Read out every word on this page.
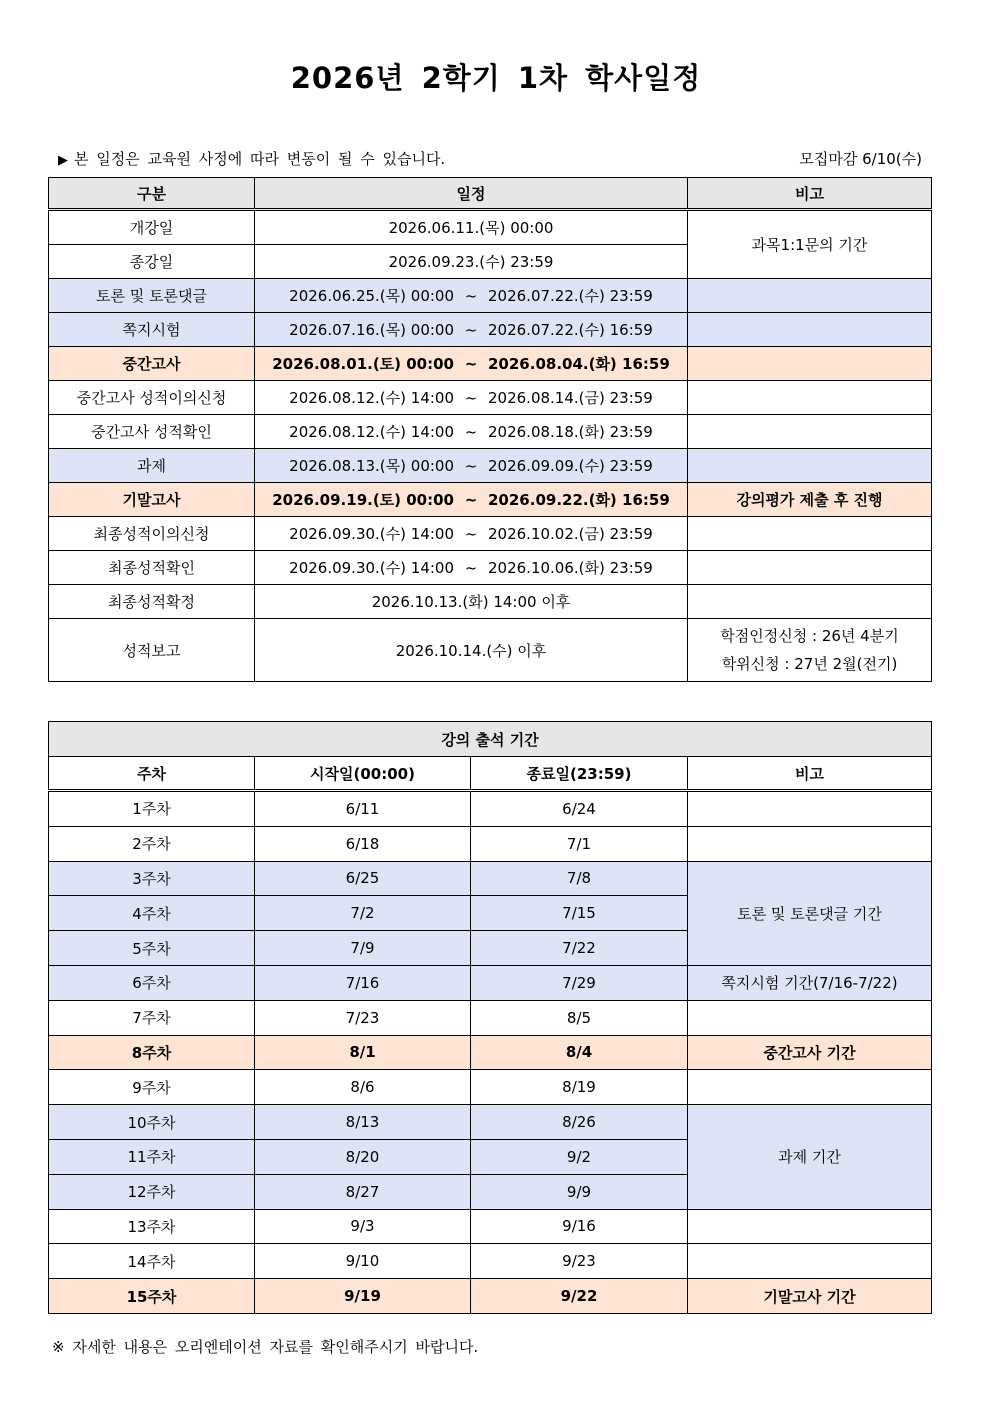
2026년 2학기 1차 학사일정
▶ 본 일정은 교육원 사정에 따라 변동이 될 수 있습니다.	모집마감 6/10(수)
구분	일정	비고
개강일	2026.06.11.(목) 00:00	과목1:1문의 기간
종강일	2026.09.23.(수) 23:59	
토론 및 토론댓글	2026.06.25.(목) 00:00 ~ 2026.07.22.(수) 23:59	
쪽지시험	2026.07.16.(목) 00:00 ~ 2026.07.22.(수) 16:59	
중간고사	2026.08.01.(토) 00:00 ~ 2026.08.04.(화) 16:59	
중간고사 성적이의신청	2026.08.12.(수) 14:00 ~ 2026.08.14.(금) 23:59	
중간고사 성적확인	2026.08.12.(수) 14:00 ~ 2026.08.18.(화) 23:59	
과제	2026.08.13.(목) 00:00 ~ 2026.09.09.(수) 23:59	
기말고사	2026.09.19.(토) 00:00 ~ 2026.09.22.(화) 16:59	강의평가 제출 후 진행
최종성적이의신청	2026.09.30.(수) 14:00 ~ 2026.10.02.(금) 23:59	
최종성적확인	2026.09.30.(수) 14:00 ~ 2026.10.06.(화) 23:59	
최종성적확정	2026.10.13.(화) 14:00 이후	
성적보고	2026.10.14.(수) 이후	학점인정신청 : 26년 4분기
학위신청 : 27년 2월(전기)
강의 출석 기간			
주차	시작일(00:00)	종료일(23:59)	비고
1주차	6/11	6/24	
2주차	6/18	7/1	
3주차	6/25	7/8	토론 및 토론댓글 기간
4주차	7/2	7/15	
5주차	7/9	7/22	
6주차	7/16	7/29	쪽지시험 기간(7/16-7/22)
7주차	7/23	8/5	
8주차	8/1	8/4	중간고사 기간
9주차	8/6	8/19	
10주차	8/13	8/26	과제 기간
11주차	8/20	9/2	
12주차	8/27	9/9	
13주차	9/3	9/16	
14주차	9/10	9/23	
15주차	9/19	9/22	기말고사 기간
※ 자세한 내용은 오리엔테이션 자료를 확인해주시기 바랍니다.
